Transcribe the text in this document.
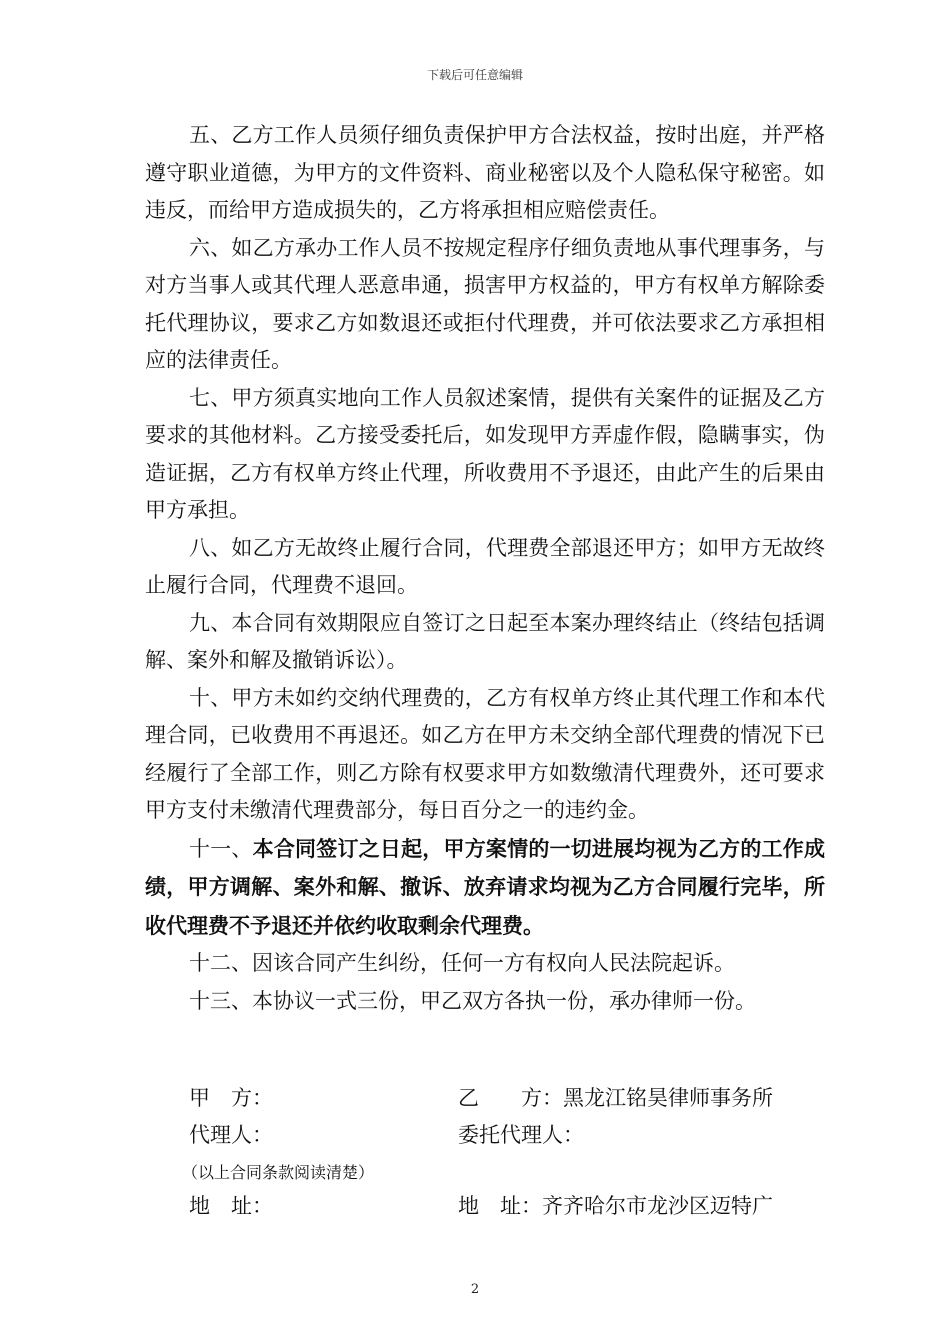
下载后可任意编辑

五、乙方工作人员须仔细负责保护甲方合法权益，按时出庭，并严格遵守职业道德，为甲方的文件资料、商业秘密以及个人隐私保守秘密。如违反，而给甲方造成损失的，乙方将承担相应赔偿责任。

六、如乙方承办工作人员不按规定程序仔细负责地从事代理事务，与对方当事人或其代理人恶意串通，损害甲方权益的，甲方有权单方解除委托代理协议，要求乙方如数退还或拒付代理费，并可依法要求乙方承担相应的法律责任。

七、甲方须真实地向工作人员叙述案情，提供有关案件的证据及乙方要求的其他材料。乙方接受委托后，如发现甲方弄虚作假，隐瞒事实，伪造证据，乙方有权单方终止代理，所收费用不予退还，由此产生的后果由甲方承担。

八、如乙方无故终止履行合同，代理费全部退还甲方；如甲方无故终止履行合同，代理费不退回。

九、本合同有效期限应自签订之日起至本案办理终结止（终结包括调解、案外和解及撤销诉讼）。

十、甲方未如约交纳代理费的，乙方有权单方终止其代理工作和本代理合同，已收费用不再退还。如乙方在甲方未交纳全部代理费的情况下已经履行了全部工作，则乙方除有权要求甲方如数缴清代理费外，还可要求甲方支付未缴清代理费部分，每日百分之一的违约金。

十一、本合同签订之日起，甲方案情的一切进展均视为乙方的工作成绩，甲方调解、案外和解、撤诉、放弃请求均视为乙方合同履行完毕，所收代理费不予退还并依约收取剩余代理费。

十二、因该合同产生纠纷，任何一方有权向人民法院起诉。

十三、本协议一式三份，甲乙双方各执一份，承办律师一份。

甲　方：	乙　　方：黑龙江铭昊律师事务所
代理人：	委托代理人：
（以上合同条款阅读清楚）
地　址：	地　址：齐齐哈尔市龙沙区迈特广
2
